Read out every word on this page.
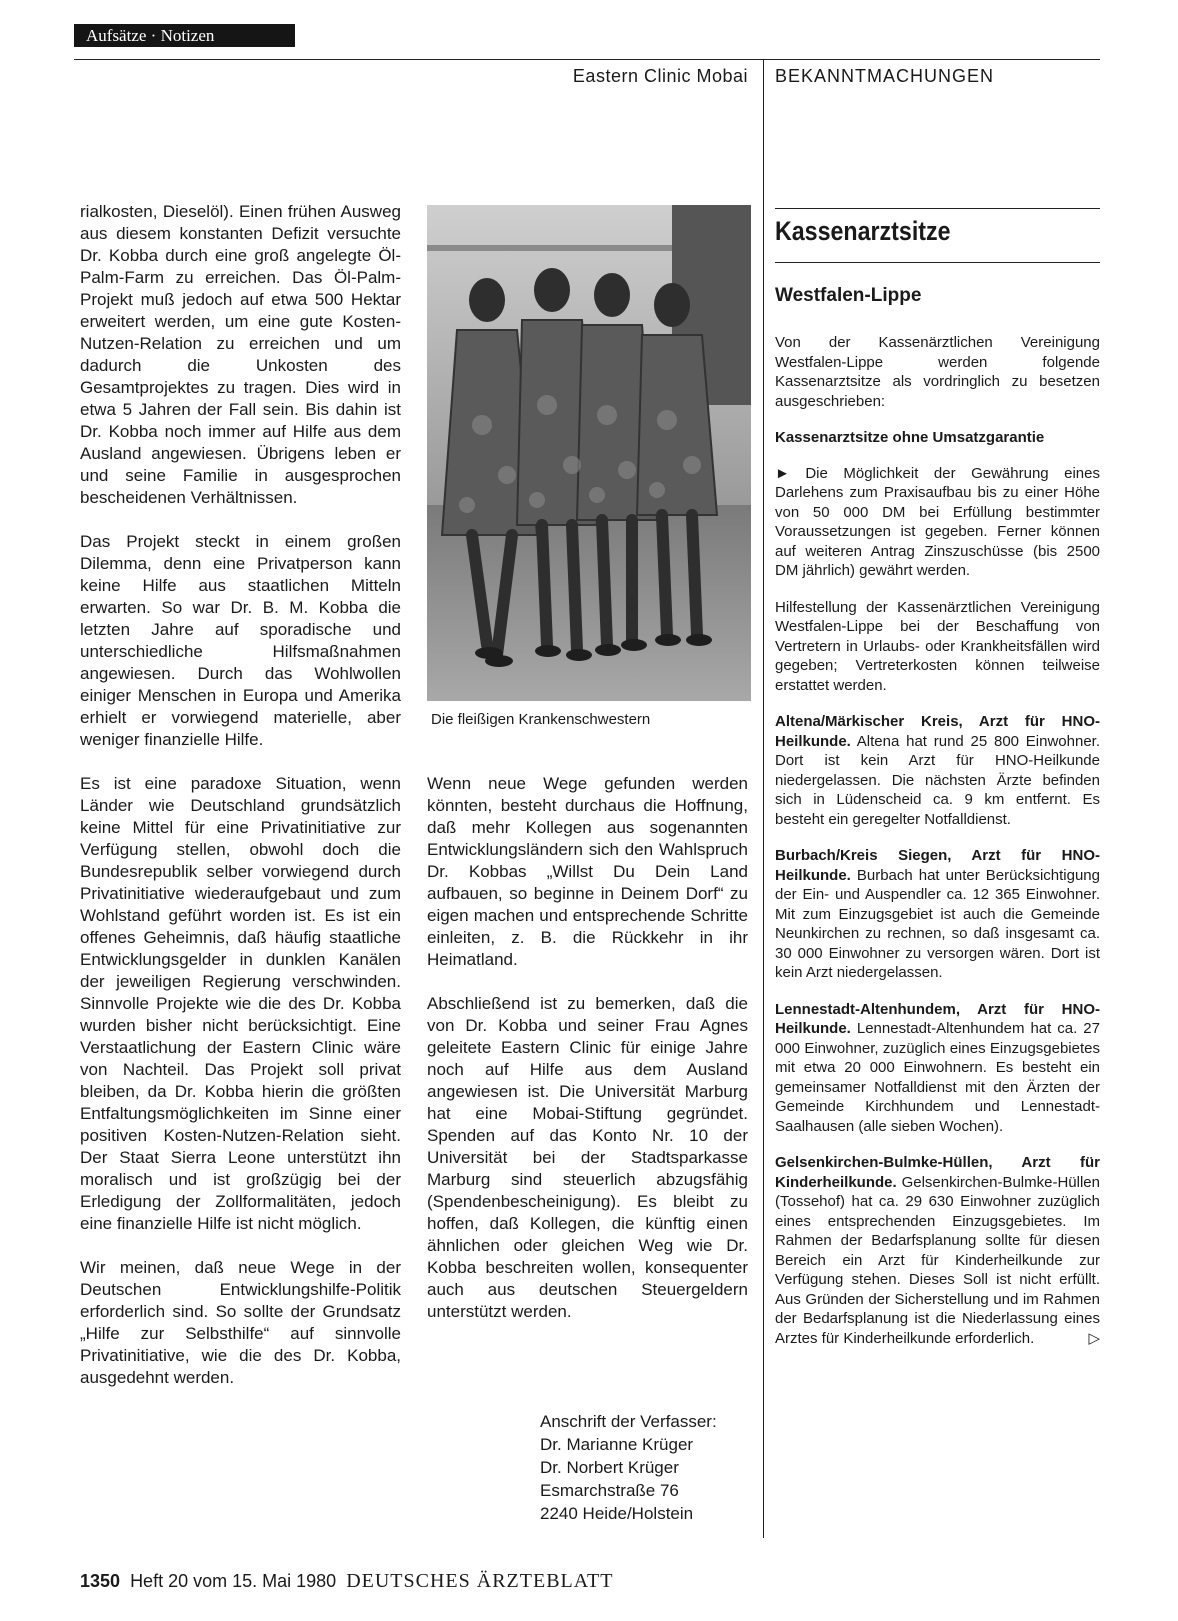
Aufsätze · Notizen
Eastern Clinic Mobai BEKANNTMACHUNGEN

rialkosten, Dieselöl). Einen frühen Ausweg aus diesem konstanten Defizit versuchte Dr. Kobba durch eine groß angelegte Öl-Palm-Farm zu erreichen. Das Öl-Palm-Projekt muß jedoch auf etwa 500 Hektar erweitert werden, um eine gute Kosten-Nutzen-Relation zu erreichen und um dadurch die Unkosten des Gesamtprojektes zu tragen. Dies wird in etwa 5 Jahren der Fall sein. Bis dahin ist Dr. Kobba noch immer auf Hilfe aus dem Ausland angewiesen. Übrigens leben er und seine Familie in ausgesprochen bescheidenen Verhältnissen.

Das Projekt steckt in einem großen Dilemma, denn eine Privatperson kann keine Hilfe aus staatlichen Mitteln erwarten. So war Dr. B. M. Kobba die letzten Jahre auf sporadische und unterschiedliche Hilfsmaßnahmen angewiesen. Durch das Wohlwollen einiger Menschen in Europa und Amerika erhielt er vorwiegend materielle, aber weniger finanzielle Hilfe.

Es ist eine paradoxe Situation, wenn Länder wie Deutschland grundsätzlich keine Mittel für eine Privatinitiative zur Verfügung stellen, obwohl doch die Bundesrepublik selber vorwiegend durch Privatinitiative wiederaufgebaut und zum Wohlstand geführt worden ist. Es ist ein offenes Geheimnis, daß häufig staatliche Entwicklungsgelder in dunklen Kanälen der jeweiligen Regierung verschwinden. Sinnvolle Projekte wie die des Dr. Kobba wurden bisher nicht berücksichtigt. Eine Verstaatlichung der Eastern Clinic wäre von Nachteil. Das Projekt soll privat bleiben, da Dr. Kobba hierin die größten Entfaltungsmöglichkeiten im Sinne einer positiven Kosten-Nutzen-Relation sieht. Der Staat Sierra Leone unterstützt ihn moralisch und ist großzügig bei der Erledigung der Zollformalitäten, jedoch eine finanzielle Hilfe ist nicht möglich.

Wir meinen, daß neue Wege in der Deutschen Entwicklungshilfe-Politik erforderlich sind. So sollte der Grundsatz „Hilfe zur Selbsthilfe“ auf sinnvolle Privatinitiative, wie die des Dr. Kobba, ausgedehnt werden.

Die fleißigen Krankenschwestern

Wenn neue Wege gefunden werden könnten, besteht durchaus die Hoffnung, daß mehr Kollegen aus sogenannten Entwicklungsländern sich den Wahlspruch Dr. Kobbas „Willst Du Dein Land aufbauen, so beginne in Deinem Dorf“ zu eigen machen und entsprechende Schritte einleiten, z. B. die Rückkehr in ihr Heimatland.

Abschließend ist zu bemerken, daß die von Dr. Kobba und seiner Frau Agnes geleitete Eastern Clinic für einige Jahre noch auf Hilfe aus dem Ausland angewiesen ist. Die Universität Marburg hat eine Mobai-Stiftung gegründet. Spenden auf das Konto Nr. 10 der Universität bei der Stadtsparkasse Marburg sind steuerlich abzugsfähig (Spendenbescheinigung). Es bleibt zu hoffen, daß Kollegen, die künftig einen ähnlichen oder gleichen Weg wie Dr. Kobba beschreiten wollen, konsequenter auch aus deutschen Steuergeldern unterstützt werden.

Anschrift der Verfasser:
Dr. Marianne Krüger
Dr. Norbert Krüger
Esmarchstraße 76
2240 Heide/Holstein
Kassenarztsitze
Westfalen-Lippe

Von der Kassenärztlichen Vereinigung Westfalen-Lippe werden folgende Kassenarztsitze als vordringlich zu besetzen ausgeschrieben:

Kassenarztsitze ohne Umsatzgarantie

► Die Möglichkeit der Gewährung eines Darlehens zum Praxisaufbau bis zu einer Höhe von 50 000 DM bei Erfüllung bestimmter Voraussetzungen ist gegeben. Ferner können auf weiteren Antrag Zinszuschüsse (bis 2500 DM jährlich) gewährt werden.

Hilfestellung der Kassenärztlichen Vereinigung Westfalen-Lippe bei der Beschaffung von Vertretern in Urlaubs- oder Krankheitsfällen wird gegeben; Vertreterkosten können teilweise erstattet werden.

Altena/Märkischer Kreis, Arzt für HNO-Heilkunde. Altena hat rund 25 800 Einwohner. Dort ist kein Arzt für HNO-Heilkunde niedergelassen. Die nächsten Ärzte befinden sich in Lüdenscheid ca. 9 km entfernt. Es besteht ein geregelter Notfalldienst.

Burbach/Kreis Siegen, Arzt für HNO-Heilkunde. Burbach hat unter Berücksichtigung der Ein- und Auspendler ca. 12 365 Einwohner. Mit zum Einzugsgebiet ist auch die Gemeinde Neunkirchen zu rechnen, so daß insgesamt ca. 30 000 Einwohner zu versorgen wären. Dort ist kein Arzt niedergelassen.

Lennestadt-Altenhundem, Arzt für HNO-Heilkunde. Lennestadt-Altenhundem hat ca. 27 000 Einwohner, zuzüglich eines Einzugsgebietes mit etwa 20 000 Einwohnern. Es besteht ein gemeinsamer Notfalldienst mit den Ärzten der Gemeinde Kirchhundem und Lennestadt-Saalhausen (alle sieben Wochen).

Gelsenkirchen-Bulmke-Hüllen, Arzt für Kinderheilkunde. Gelsenkirchen-Bulmke-Hüllen (Tossehof) hat ca. 29 630 Einwohner zuzüglich eines entsprechenden Einzugsgebietes. Im Rahmen der Bedarfsplanung sollte für diesen Bereich ein Arzt für Kinderheilkunde zur Verfügung stehen. Dieses Soll ist nicht erfüllt. Aus Gründen der Sicherstellung und im Rahmen der Bedarfsplanung ist die Niederlassung eines Arztes für Kinderheilkunde erforderlich.	▷

1350 Heft 20 vom 15. Mai 1980 DEUTSCHES ÄRZTEBLATT
